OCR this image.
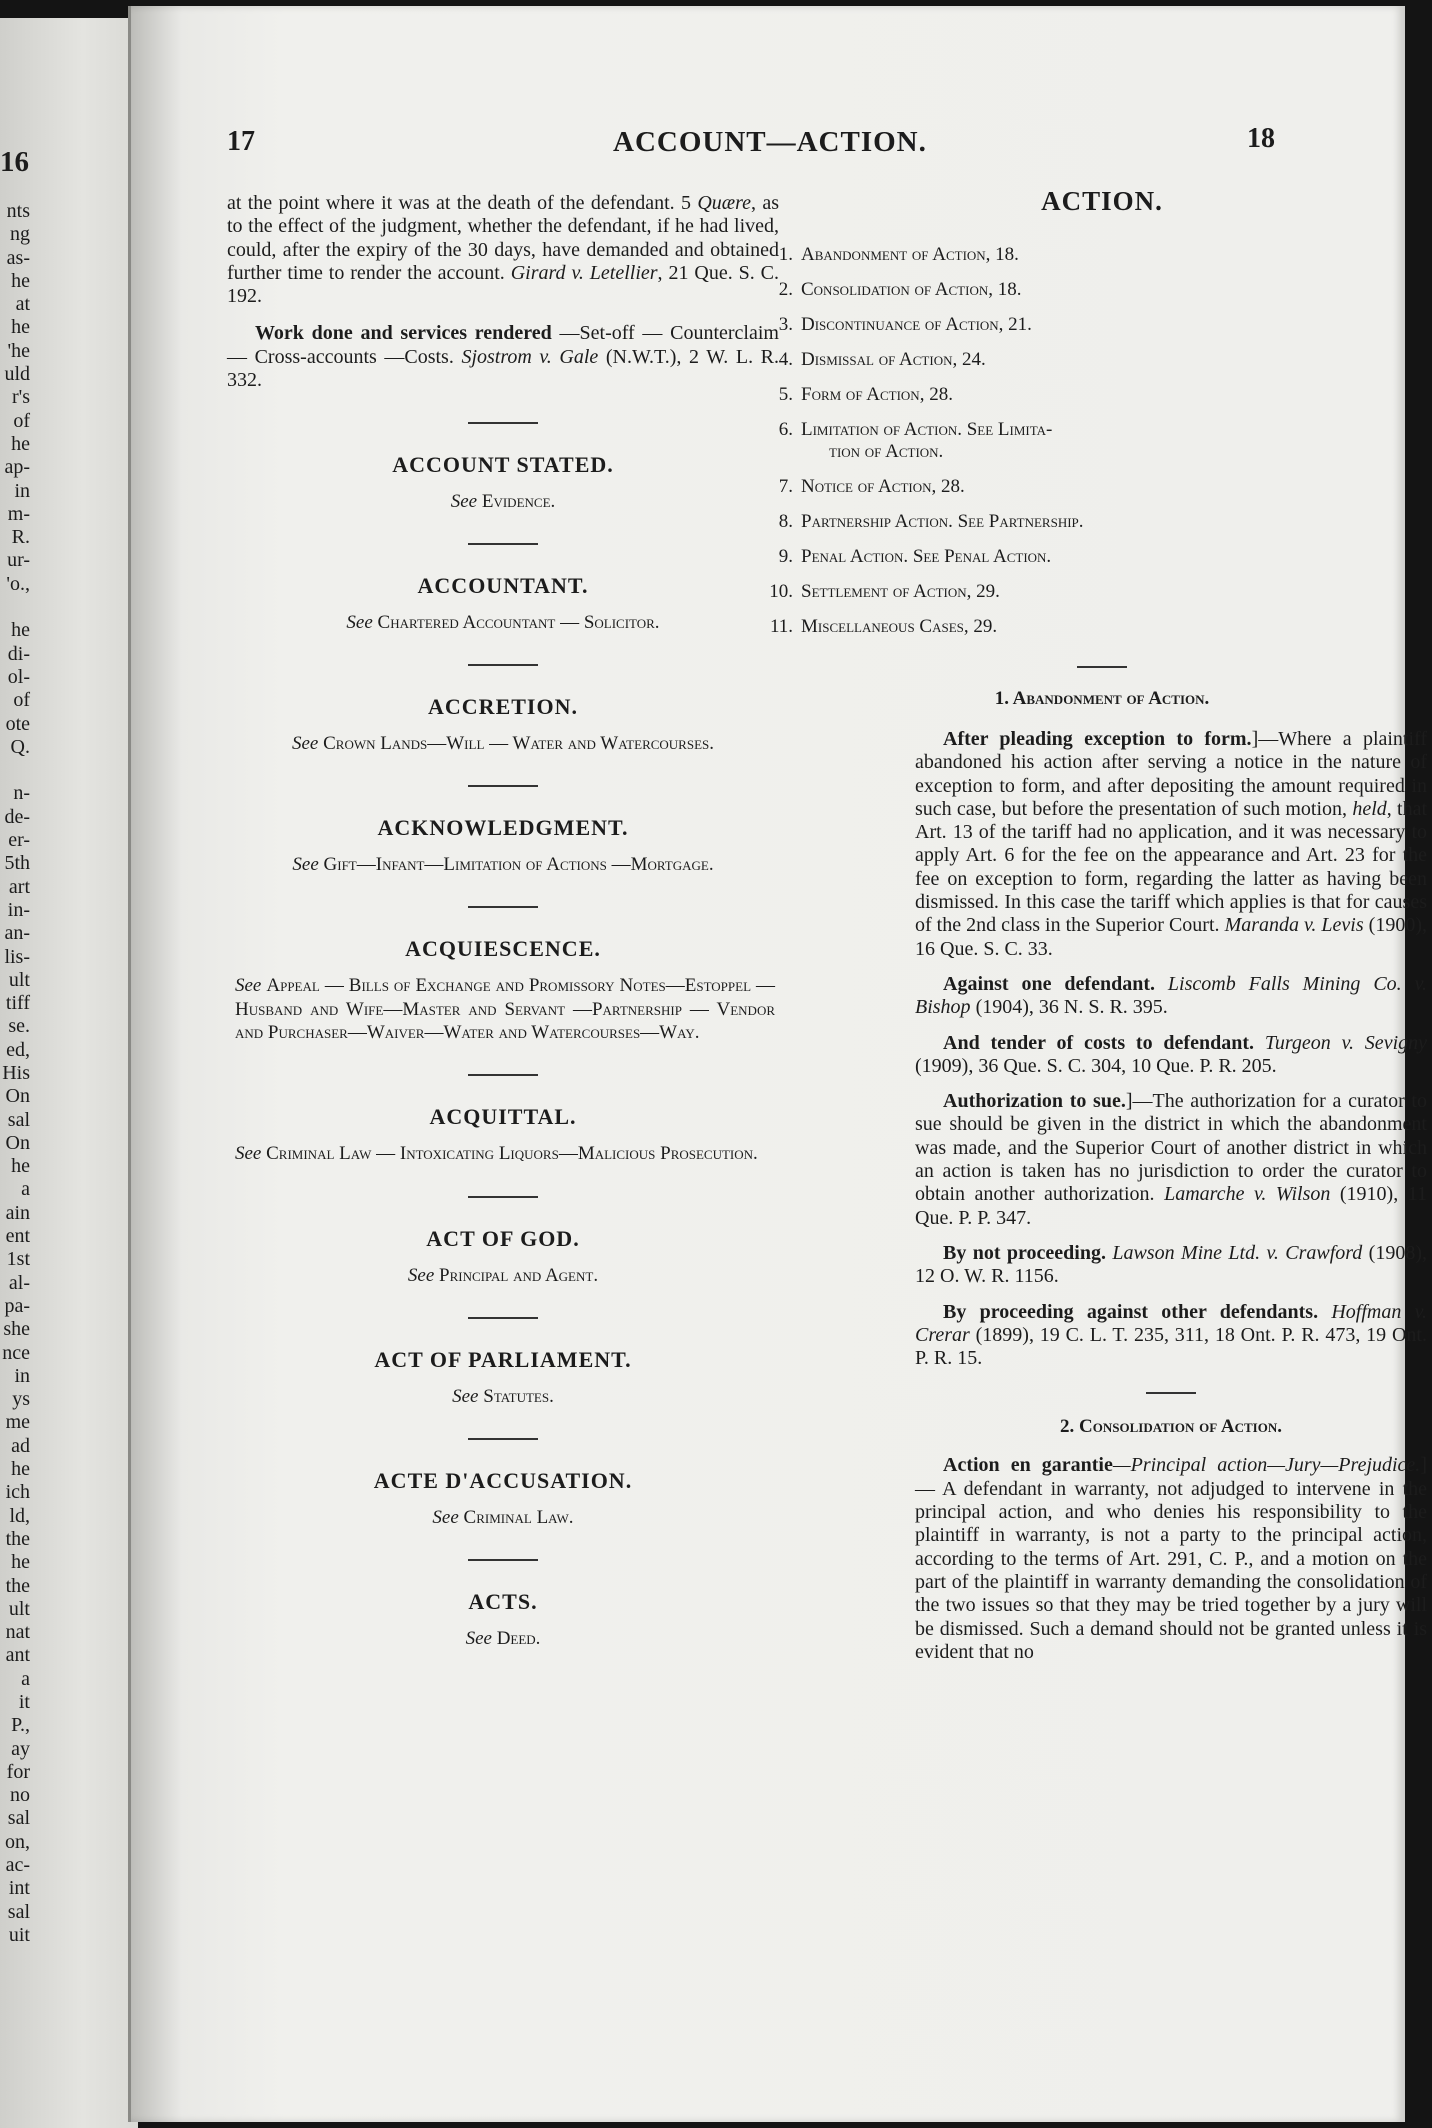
16
nts
ng
as-
he
at
he
'he
uld
r's
of
he
ap-
in
m-
R.
ur-
'o.,

he
di-
ol-
of
ote
Q.

n-
de-
er-
5th
art
in-
an-
lis-
ult
tiff
se.
ed,
His
On
sal
On
he
a
ain
ent
1st
al-
pa-
she
nce
in
ys
me
ad
he
ich
ld,
the
he
the
ult
nat
ant
a
it
P.,
ay
for
no
sal
on,
ac-
int
sal
uit
17	ACCOUNT—ACTION.	18

at the point where it was at the death of the defendant. 5 Quære, as to the effect of the judgment, whether the defendant, if he had lived, could, after the expiry of the 30 days, have demanded and obtained further time to render the account. Girard v. Letellier, 21 Que. S. C. 192.

Work done and services rendered —Set-off — Counterclaim — Cross-accounts —Costs. Sjostrom v. Gale (N.W.T.), 2 W. L. R. 332.

ACCOUNT STATED.
See Evidence.
ACCOUNTANT.
See Chartered Accountant — Solicitor.
ACCRETION.
See Crown Lands—Will — Water and Watercourses.
ACKNOWLEDGMENT.
See Gift—Infant—Limitation of Actions —Mortgage.
ACQUIESCENCE.
See Appeal — Bills of Exchange and Promissory Notes—Estoppel — Husband and Wife—Master and Servant —Partnership — Vendor and Purchaser—Waiver—Water and Watercourses—Way.
ACQUITTAL.
See Criminal Law — Intoxicating Liquors—Malicious Prosecution.
ACT OF GOD.
See Principal and Agent.
ACT OF PARLIAMENT.
See Statutes.
ACTE D'ACCUSATION.
See Criminal Law.
ACTS.
See Deed.
ACTION.
1. Abandonment of Action, 18.
2. Consolidation of Action, 18.
3. Discontinuance of Action, 21.
4. Dismissal of Action, 24.
5. Form of Action, 28.
6. Limitation of Action. See Limita-
tion of Action.
7. Notice of Action, 28.
8. Partnership Action. See Partnership.
9. Penal Action. See Penal Action.
10. Settlement of Action, 29.
11. Miscellaneous Cases, 29.
1. Abandonment of Action.

After pleading exception to form.]—Where a plaintiff abandoned his action after serving a notice in the nature of exception to form, and after depositing the amount required in such case, but before the presentation of such motion, held, that Art. 13 of the tariff had no application, and it was necessary to apply Art. 6 for the fee on the appearance and Art. 23 for the fee on exception to form, regarding the latter as having been dismissed. In this case the tariff which applies is that for causes of the 2nd class in the Superior Court. Maranda v. Levis (1900), 16 Que. S. C. 33.

Against one defendant. Liscomb Falls Mining Co. v. Bishop (1904), 36 N. S. R. 395.

And tender of costs to defendant. Turgeon v. Sevigny (1909), 36 Que. S. C. 304, 10 Que. P. R. 205.

Authorization to sue.]—The authorization for a curator to sue should be given in the district in which the abandonment was made, and the Superior Court of another district in which an action is taken has no jurisdiction to order the curator to obtain another authorization. Lamarche v. Wilson (1910), 11 Que. P. P. 347.

By not proceeding. Lawson Mine Ltd. v. Crawford (1908), 12 O. W. R. 1156.

By proceeding against other defendants. Hoffman v. Crerar (1899), 19 C. L. T. 235, 311, 18 Ont. P. R. 473, 19 Ont. P. R. 15.

2. Consolidation of Action.

Action en garantie—Principal action—Jury—Prejudice.] — A defendant in warranty, not adjudged to intervene in the principal action, and who denies his responsibility to the plaintiff in warranty, is not a party to the principal action, according to the terms of Art. 291, C. P., and a motion on the part of the plaintiff in warranty demanding the consolidation of the two issues so that they may be tried together by a jury will be dismissed. Such a demand should not be granted unless it is evident that no
